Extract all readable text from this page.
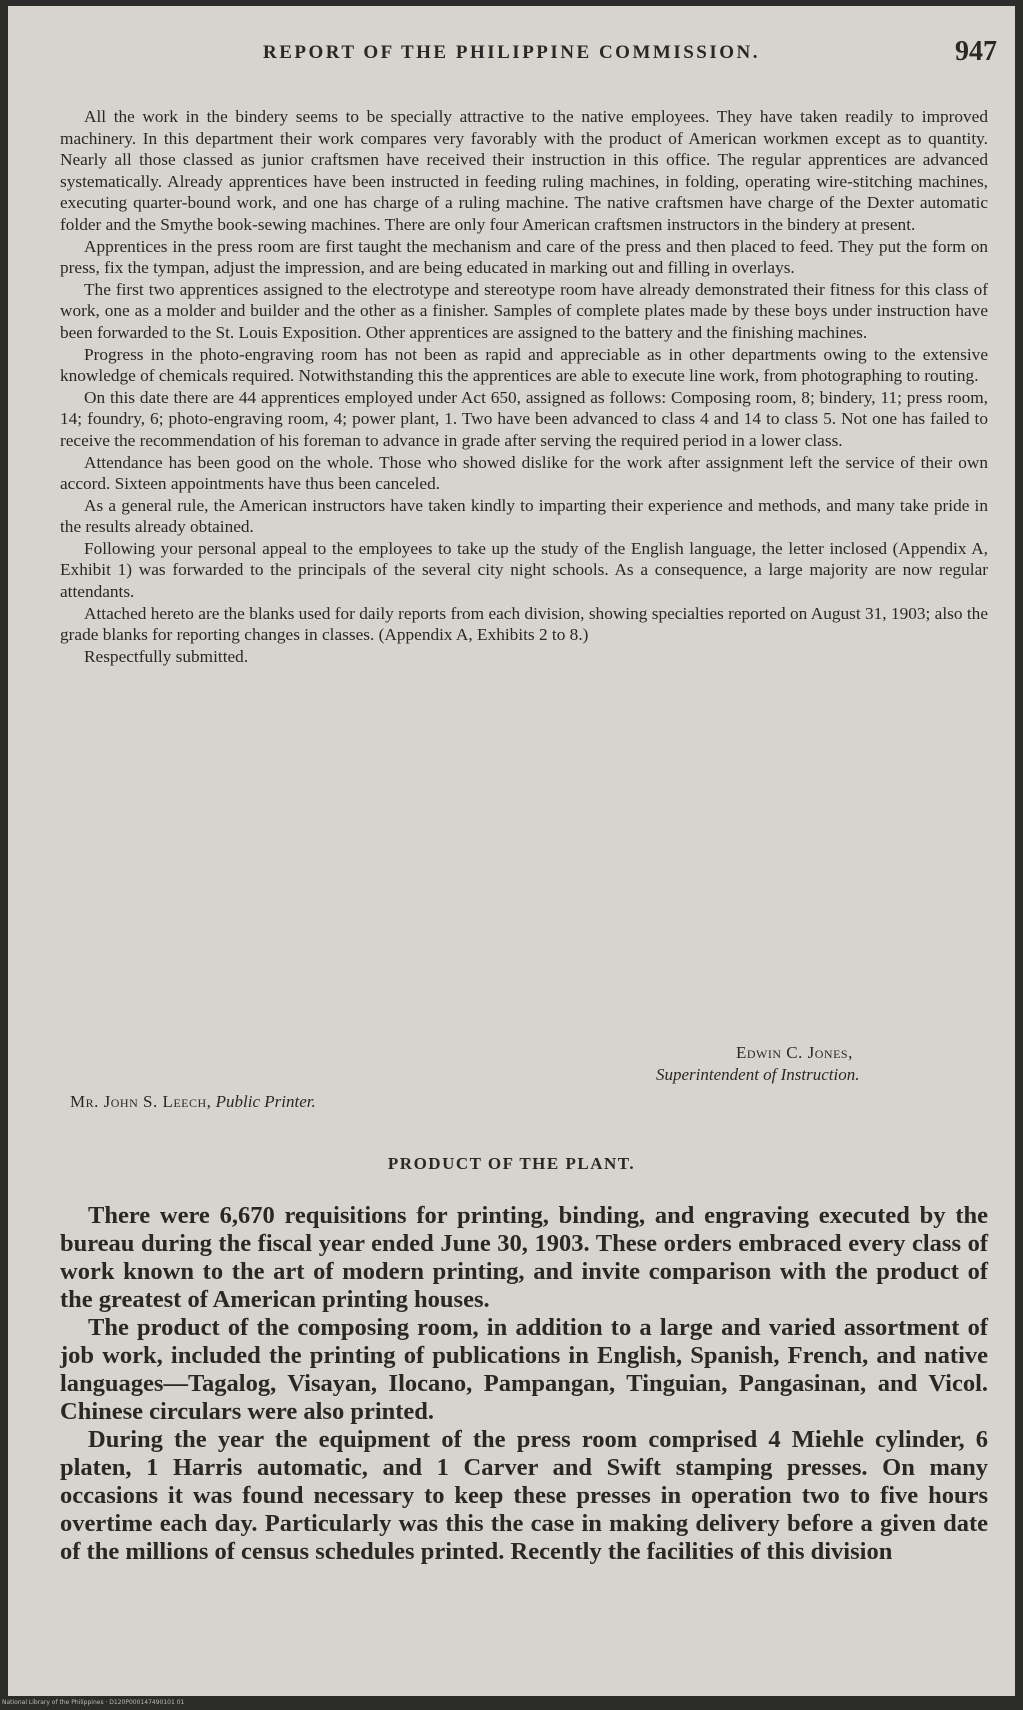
REPORT OF THE PHILIPPINE COMMISSION.	947

All the work in the bindery seems to be specially attractive to the native employees. They have taken readily to improved machinery. In this department their work compares very favorably with the product of American workmen except as to quantity. Nearly all those classed as junior craftsmen have received their instruction in this office. The regular apprentices are advanced systematically. Already apprentices have been instructed in feeding ruling machines, in folding, operating wire-stitching machines, executing quarter-bound work, and one has charge of a ruling machine. The native craftsmen have charge of the Dexter automatic folder and the Smythe book-sewing machines. There are only four American craftsmen instructors in the bindery at present.

Apprentices in the press room are first taught the mechanism and care of the press and then placed to feed. They put the form on press, fix the tympan, adjust the impression, and are being educated in marking out and filling in overlays.

The first two apprentices assigned to the electrotype and stereotype room have already demonstrated their fitness for this class of work, one as a molder and builder and the other as a finisher. Samples of complete plates made by these boys under instruction have been forwarded to the St. Louis Exposition. Other apprentices are assigned to the battery and the finishing machines.

Progress in the photo-engraving room has not been as rapid and appreciable as in other departments owing to the extensive knowledge of chemicals required. Notwithstanding this the apprentices are able to execute line work, from photographing to routing.

On this date there are 44 apprentices employed under Act 650, assigned as follows: Composing room, 8; bindery, 11; press room, 14; foundry, 6; photo-engraving room, 4; power plant, 1. Two have been advanced to class 4 and 14 to class 5. Not one has failed to receive the recommendation of his foreman to advance in grade after serving the required period in a lower class.

Attendance has been good on the whole. Those who showed dislike for the work after assignment left the service of their own accord. Sixteen appointments have thus been canceled.

As a general rule, the American instructors have taken kindly to imparting their experience and methods, and many take pride in the results already obtained.

Following your personal appeal to the employees to take up the study of the English language, the letter inclosed (Appendix A, Exhibit 1) was forwarded to the principals of the several city night schools. As a consequence, a large majority are now regular attendants.

Attached hereto are the blanks used for daily reports from each division, showing specialties reported on August 31, 1903; also the grade blanks for reporting changes in classes. (Appendix A, Exhibits 2 to 8.)

Respectfully submitted.

Edwin C. Jones,
Superintendent of Instruction.
Mr. John S. Leech, Public Printer.
PRODUCT OF THE PLANT.

There were 6,670 requisitions for printing, binding, and engraving executed by the bureau during the fiscal year ended June 30, 1903. These orders embraced every class of work known to the art of modern printing, and invite comparison with the product of the greatest of American printing houses.

The product of the composing room, in addition to a large and varied assortment of job work, included the printing of publications in English, Spanish, French, and native languages—Tagalog, Visayan, Ilocano, Pampangan, Tinguian, Pangasinan, and Vicol. Chinese circulars were also printed.

During the year the equipment of the press room comprised 4 Miehle cylinder, 6 platen, 1 Harris automatic, and 1 Carver and Swift stamping presses. On many occasions it was found necessary to keep these presses in operation two to five hours overtime each day. Particularly was this the case in making delivery before a given date of the millions of census schedules printed. Recently the facilities of this division

National Library of the Philippines · D120P000147490101 01
